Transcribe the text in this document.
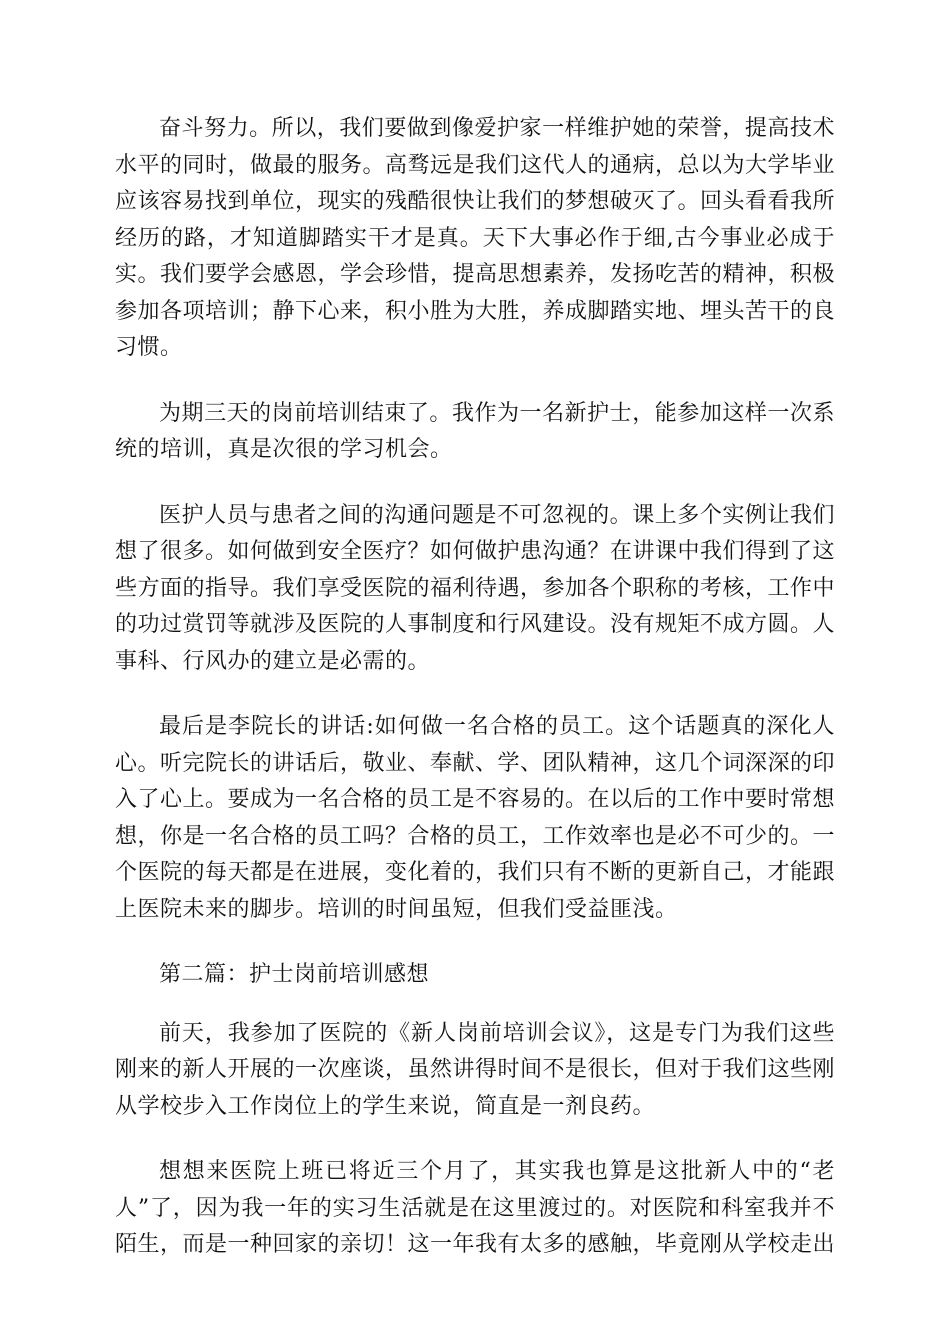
奋斗努力。所以，我们要做到像爱护家一样维护她的荣誉，提高技术水平的同时，做最的服务。高骛远是我们这代人的通病，总以为大学毕业应该容易找到单位，现实的残酷很快让我们的梦想破灭了。回头看看我所经历的路，才知道脚踏实干才是真。天下大事必作于细,古今事业必成于实。我们要学会感恩，学会珍惜，提高思想素养，发扬吃苦的精神，积极参加各项培训；静下心来，积小胜为大胜，养成脚踏实地、埋头苦干的良习惯。

为期三天的岗前培训结束了。我作为一名新护士，能参加这样一次系统的培训，真是次很的学习机会。

医护人员与患者之间的沟通问题是不可忽视的。课上多个实例让我们想了很多。如何做到安全医疗？如何做护患沟通？在讲课中我们得到了这些方面的指导。我们享受医院的福利待遇，参加各个职称的考核，工作中的功过赏罚等就涉及医院的人事制度和行风建设。没有规矩不成方圆。人事科、行风办的建立是必需的。

最后是李院长的讲话:如何做一名合格的员工。这个话题真的深化人心。听完院长的讲话后，敬业、奉献、学、团队精神，这几个词深深的印入了心上。要成为一名合格的员工是不容易的。在以后的工作中要时常想想，你是一名合格的员工吗？合格的员工，工作效率也是必不可少的。一个医院的每天都是在进展，变化着的，我们只有不断的更新自己，才能跟上医院未来的脚步。培训的时间虽短，但我们受益匪浅。

第二篇：护士岗前培训感想

前天，我参加了医院的《新人岗前培训会议》，这是专门为我们这些刚来的新人开展的一次座谈，虽然讲得时间不是很长，但对于我们这些刚从学校步入工作岗位上的学生来说，简直是一剂良药。

想想来医院上班已将近三个月了，其实我也算是这批新人中的“老人”了，因为我一年的实习生活就是在这里渡过的。对医院和科室我并不陌生，而是一种回家的亲切！这一年我有太多的感触，毕竟刚从学校走出
